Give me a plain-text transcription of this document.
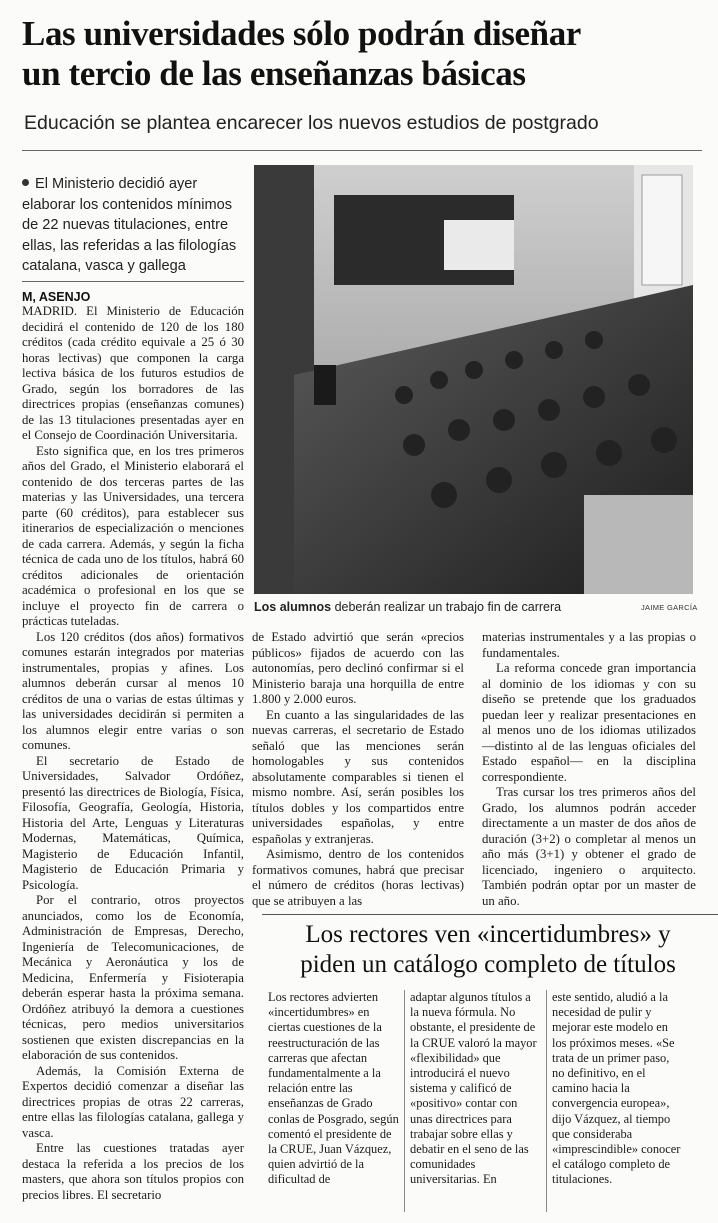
Las universidades sólo podrán diseñar
un tercio de las enseñanzas básicas
Educación se plantea encarecer los nuevos estudios de postgrado
El Ministerio decidió ayer elaborar los contenidos mínimos de 22 nuevas titulaciones, entre ellas, las referidas a las filologías catalana, vasca y gallega
M, ASENJO
Los alumnos deberán realizar un trabajo fin de carrera	JAIME GARCÍA

MADRID. El Ministerio de Educación decidirá el contenido de 120 de los 180 créditos (cada crédito equivale a 25 ó 30 horas lectivas) que componen la carga lectiva básica de los futuros estudios de Grado, según los borradores de las directrices propias (enseñanzas comunes) de las 13 titulaciones presentadas ayer en el Consejo de Coordinación Universitaria.

Esto significa que, en los tres primeros años del Grado, el Ministerio elaborará el contenido de dos terceras partes de las materias y las Universidades, una tercera parte (60 créditos), para establecer sus itinerarios de especialización o menciones de cada carrera. Además, y según la ficha técnica de cada uno de los títulos, habrá 60 créditos adicionales de orientación académica o profesional en los que se incluye el proyecto fin de carrera o prácticas tuteladas.

Los 120 créditos (dos años) formativos comunes estarán integrados por materias instrumentales, propias y afines. Los alumnos deberán cursar al menos 10 créditos de una o varias de estas últimas y las universidades decidirán si permiten a los alumnos elegir entre varias o son comunes.

El secretario de Estado de Universidades, Salvador Ordóñez, presentó las directrices de Biología, Física, Filosofía, Geografía, Geología, Historia, Historia del Arte, Lenguas y Literaturas Modernas, Matemáticas, Química, Magisterio de Educación Infantil, Magisterio de Educación Primaria y Psicología.

Por el contrario, otros proyectos anunciados, como los de Economía, Administración de Empresas, Derecho, Ingeniería de Telecomunicaciones, de Mecánica y Aeronáutica y los de Medicina, Enfermería y Fisioterapia deberán esperar hasta la próxima semana. Ordóñez atribuyó la demora a cuestiones técnicas, pero medios universitarios sostienen que existen discrepancias en la elaboración de sus contenidos.

Además, la Comisión Externa de Expertos decidió comenzar a diseñar las directrices propias de otras 22 carreras, entre ellas las filologías catalana, gallega y vasca.

Entre las cuestiones tratadas ayer destaca la referida a los precios de los masters, que ahora son títulos propios con precios libres. El secretario

de Estado advirtió que serán «precios públicos» fijados de acuerdo con las autonomías, pero declinó confirmar si el Ministerio baraja una horquilla de entre 1.800 y 2.000 euros.

En cuanto a las singularidades de las nuevas carreras, el secretario de Estado señaló que las menciones serán homologables y sus contenidos absolutamente comparables si tienen el mismo nombre. Así, serán posibles los títulos dobles y los compartidos entre universidades españolas, y entre españolas y extranjeras.

Asimismo, dentro de los contenidos formativos comunes, habrá que precisar el número de créditos (horas lectivas) que se atribuyen a las

materias instrumentales y a las propias o fundamentales.

La reforma concede gran importancia al dominio de los idiomas y con su diseño se pretende que los graduados puedan leer y realizar presentaciones en al menos uno de los idiomas utilizados —distinto al de las lenguas oficiales del Estado español— en la disciplina correspondiente.

Tras cursar los tres primeros años del Grado, los alumnos podrán acceder directamente a un master de dos años de duración (3+2) o completar al menos un año más (3+1) y obtener el grado de licenciado, ingeniero o arquitecto. También podrán optar por un master de un año.

Los rectores ven «incertidumbres» y
piden un catálogo completo de títulos

Los rectores advierten «incertidumbres» en ciertas cuestiones de la reestructuración de las carreras que afectan fundamentalmente a la relación entre las enseñanzas de Grado conlas de Posgrado, según comentó el presidente de la CRUE, Juan Vázquez, quien advirtió de la dificultad de

adaptar algunos títulos a la nueva fórmula. No obstante, el presidente de la CRUE valoró la mayor «flexibilidad» que introducirá el nuevo sistema y calificó de «positivo» contar con unas directrices para trabajar sobre ellas y debatir en el seno de las comunidades universitarias. En

este sentido, aludió a la necesidad de pulir y mejorar este modelo en los próximos meses. «Se trata de un primer paso, no definitivo, en el camino hacia la convergencia europea», dijo Vázquez, al tiempo que consideraba «imprescindible» conocer el catálogo completo de titulaciones.
